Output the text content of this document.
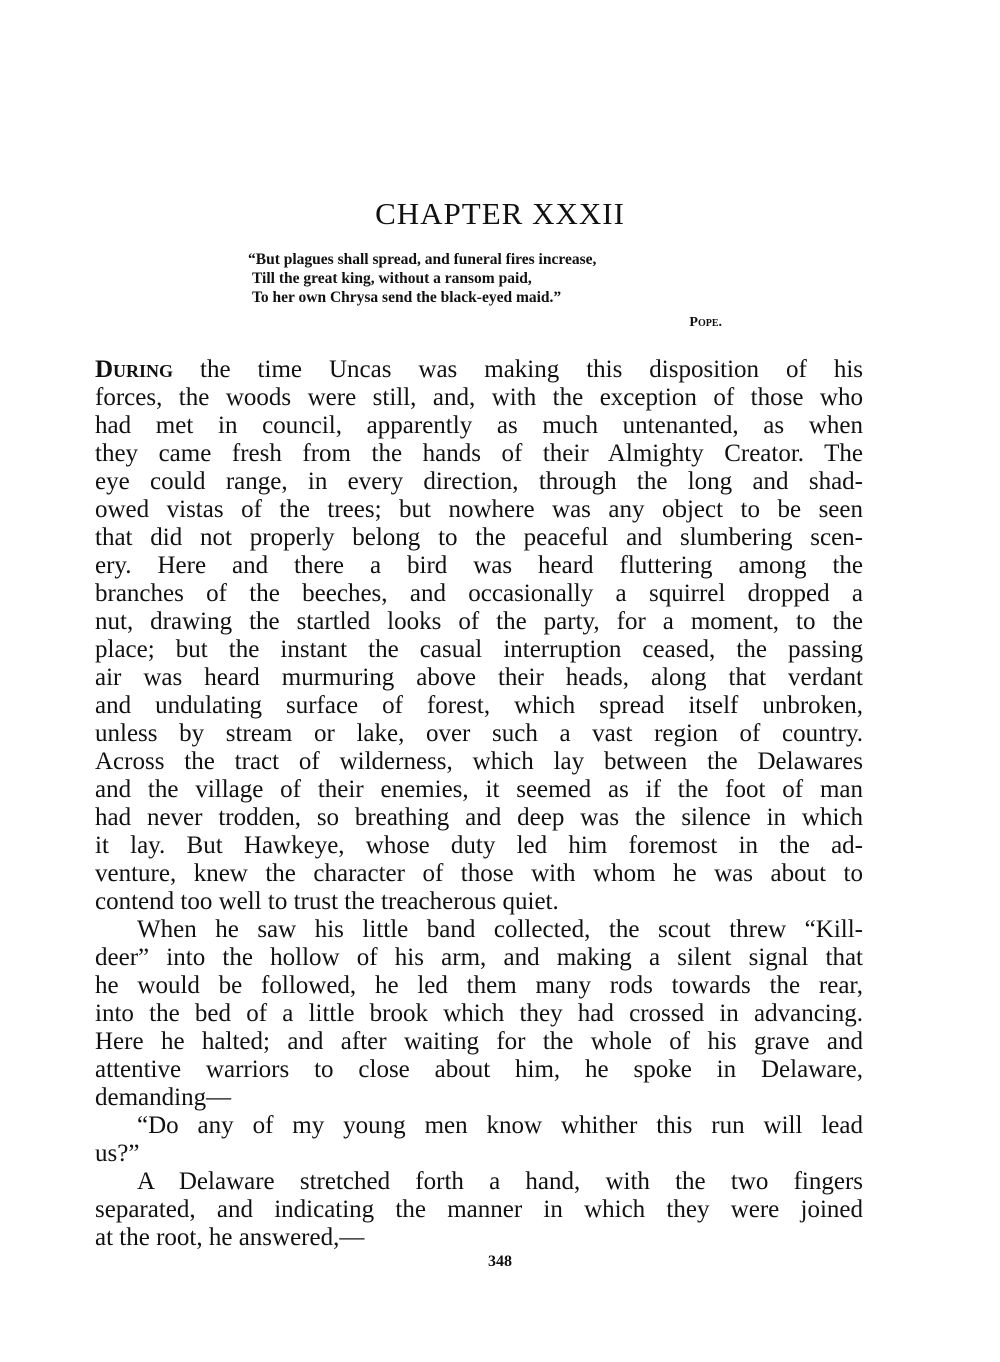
CHAPTER XXXII
“But plagues shall spread, and funeral fires increase,
Till the great king, without a ransom paid,
To her own Chrysa send the black-eyed maid.”
Pope.
During the time Uncas was making this disposition of his
forces, the woods were still, and, with the exception of those who
had met in council, apparently as much untenanted, as when
they came fresh from the hands of their Almighty Creator. The
eye could range, in every direction, through the long and shad-
owed vistas of the trees; but nowhere was any object to be seen
that did not properly belong to the peaceful and slumbering scen-
ery. Here and there a bird was heard fluttering among the
branches of the beeches, and occasionally a squirrel dropped a
nut, drawing the startled looks of the party, for a moment, to the
place; but the instant the casual interruption ceased, the passing
air was heard murmuring above their heads, along that verdant
and undulating surface of forest, which spread itself unbroken,
unless by stream or lake, over such a vast region of country.
Across the tract of wilderness, which lay between the Delawares
and the village of their enemies, it seemed as if the foot of man
had never trodden, so breathing and deep was the silence in which
it lay. But Hawkeye, whose duty led him foremost in the ad-
venture, knew the character of those with whom he was about to
contend too well to trust the treacherous quiet.
When he saw his little band collected, the scout threw “Kill-
deer” into the hollow of his arm, and making a silent signal that
he would be followed, he led them many rods towards the rear,
into the bed of a little brook which they had crossed in advancing.
Here he halted; and after waiting for the whole of his grave and
attentive warriors to close about him, he spoke in Delaware,
demanding—
“Do any of my young men know whither this run will lead
us?”
A Delaware stretched forth a hand, with the two fingers
separated, and indicating the manner in which they were joined
at the root, he answered,—
348
